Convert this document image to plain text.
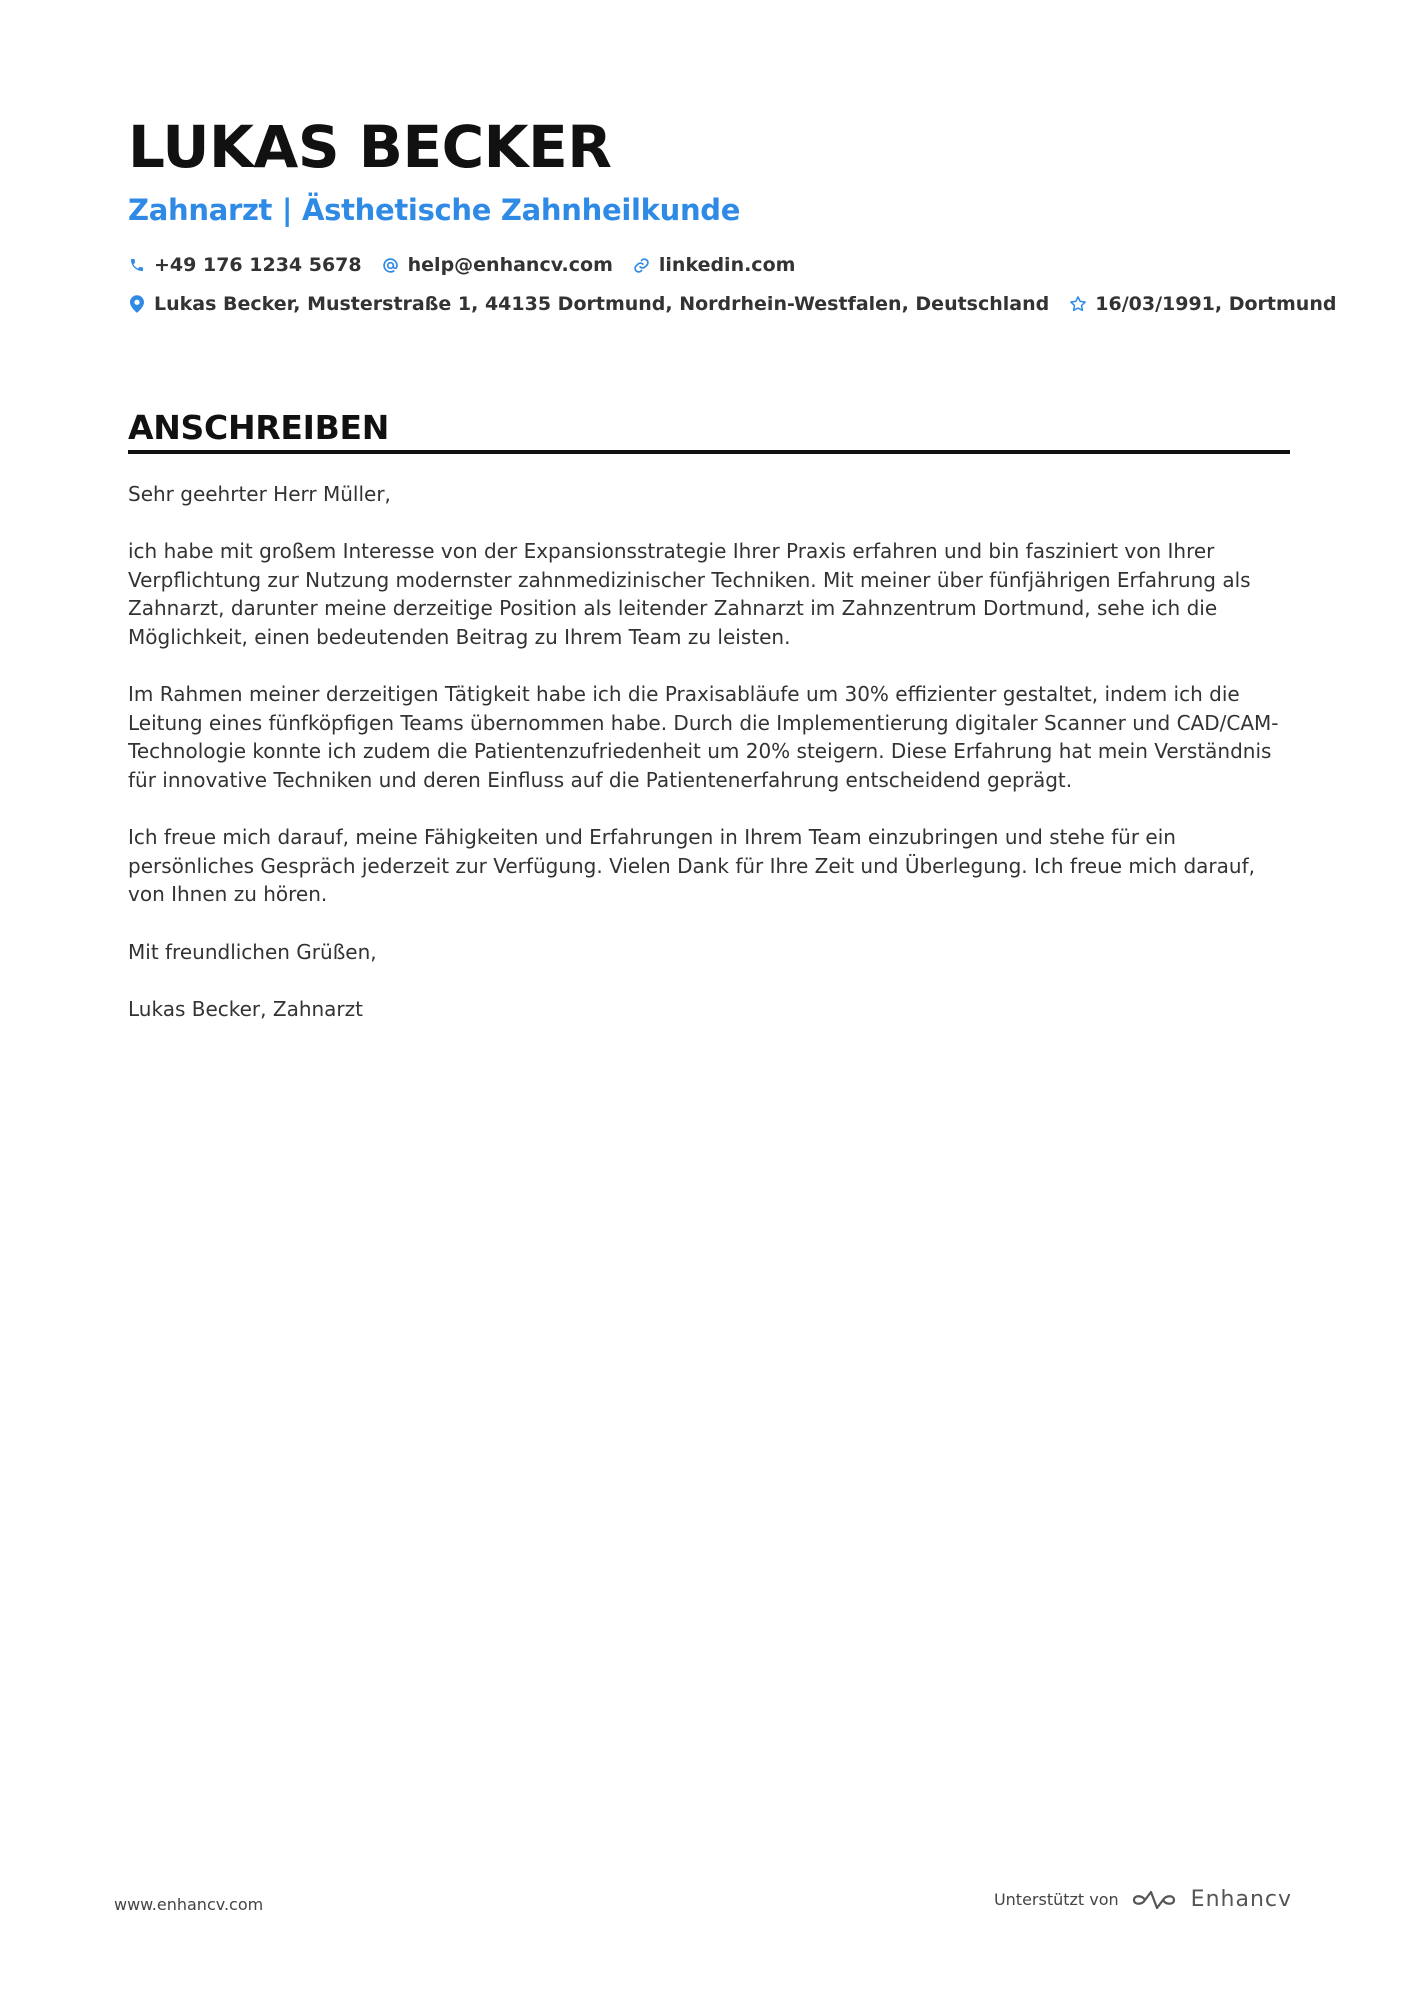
LUKAS BECKER
Zahnarzt | Ästhetische Zahnheilkunde
+49 176 1234 5678 help@enhancv.com linkedin.com
Lukas Becker, Musterstraße 1, 44135 Dortmund, Nordrhein-Westfalen, Deutschland 16/03/1991, Dortmund
ANSCHREIBEN

Sehr geehrter Herr Müller,

ich habe mit großem Interesse von der Expansionsstrategie Ihrer Praxis erfahren und bin fasziniert von Ihrer Verpflichtung zur Nutzung modernster zahnmedizinischer Techniken. Mit meiner über fünfjährigen Erfahrung als Zahnarzt, darunter meine derzeitige Position als leitender Zahnarzt im Zahnzentrum Dortmund, sehe ich die Möglichkeit, einen bedeutenden Beitrag zu Ihrem Team zu leisten.

Im Rahmen meiner derzeitigen Tätigkeit habe ich die Praxisabläufe um 30% effizienter gestaltet, indem ich die Leitung eines fünfköpfigen Teams übernommen habe. Durch die Implementierung digitaler Scanner und CAD/CAM-Technologie konnte ich zudem die Patientenzufriedenheit um 20% steigern. Diese Erfahrung hat mein Verständnis für innovative Techniken und deren Einfluss auf die Patientenerfahrung entscheidend geprägt.

Ich freue mich darauf, meine Fähigkeiten und Erfahrungen in Ihrem Team einzubringen und stehe für ein persönliches Gespräch jederzeit zur Verfügung. Vielen Dank für Ihre Zeit und Überlegung. Ich freue mich darauf, von Ihnen zu hören.

Mit freundlichen Grüßen,

Lukas Becker, Zahnarzt

www.enhancv.com	Unterstützt von	Enhancv
